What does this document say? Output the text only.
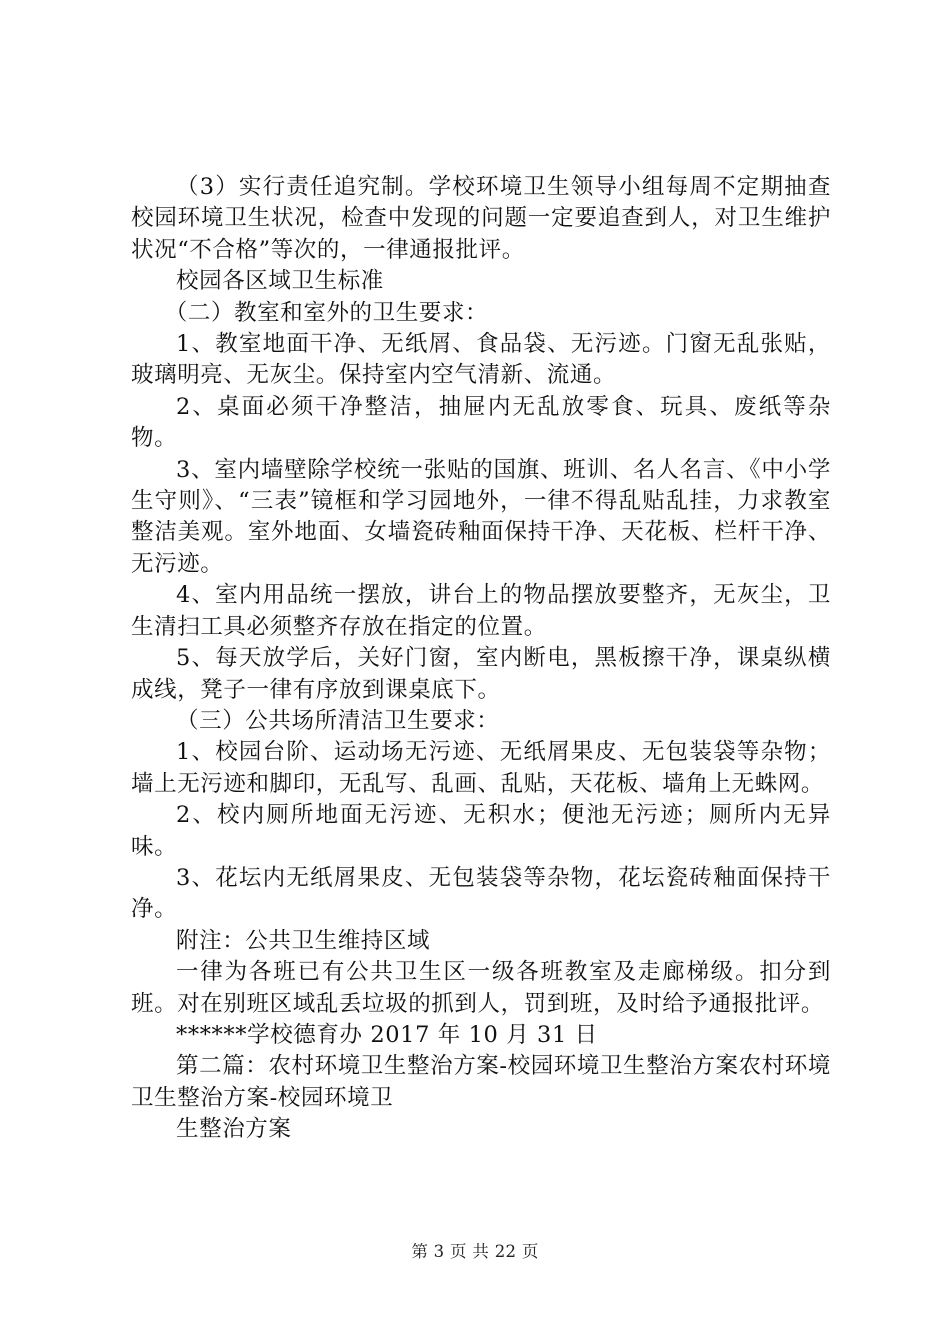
（3）实行责任追究制。学校环境卫生领导小组每周不定期抽查校园环境卫生状况，检查中发现的问题一定要追查到人，对卫生维护状况“不合格”等次的，一律通报批评。

校园各区域卫生标准

（二）教室和室外的卫生要求：

1、教室地面干净、无纸屑、食品袋、无污迹。门窗无乱张贴，玻璃明亮、无灰尘。保持室内空气清新、流通。

2、桌面必须干净整洁，抽屉内无乱放零食、玩具、废纸等杂物。

3、室内墙壁除学校统一张贴的国旗、班训、名人名言、《中小学生守则》、“三表”镜框和学习园地外，一律不得乱贴乱挂，力求教室整洁美观。室外地面、女墙瓷砖釉面保持干净、天花板、栏杆干净、无污迹。

4、室内用品统一摆放，讲台上的物品摆放要整齐，无灰尘，卫生清扫工具必须整齐存放在指定的位置。

5、每天放学后，关好门窗，室内断电，黑板擦干净，课桌纵横成线，凳子一律有序放到课桌底下。

（三）公共场所清洁卫生要求：

1、校园台阶、运动场无污迹、无纸屑果皮、无包装袋等杂物；墙上无污迹和脚印，无乱写、乱画、乱贴，天花板、墙角上无蛛网。

2、校内厕所地面无污迹、无积水；便池无污迹；厕所内无异味。

3、花坛内无纸屑果皮、无包装袋等杂物，花坛瓷砖釉面保持干净。

附注：公共卫生维持区域

一律为各班已有公共卫生区一级各班教室及走廊梯级。扣分到班。对在别班区域乱丢垃圾的抓到人，罚到班，及时给予通报批评。

******学校德育办 2017 年 10 月 31 日

第二篇：农村环境卫生整治方案-校园环境卫生整治方案农村环境卫生整治方案-校园环境卫

生整治方案

第 3 页 共 22 页
